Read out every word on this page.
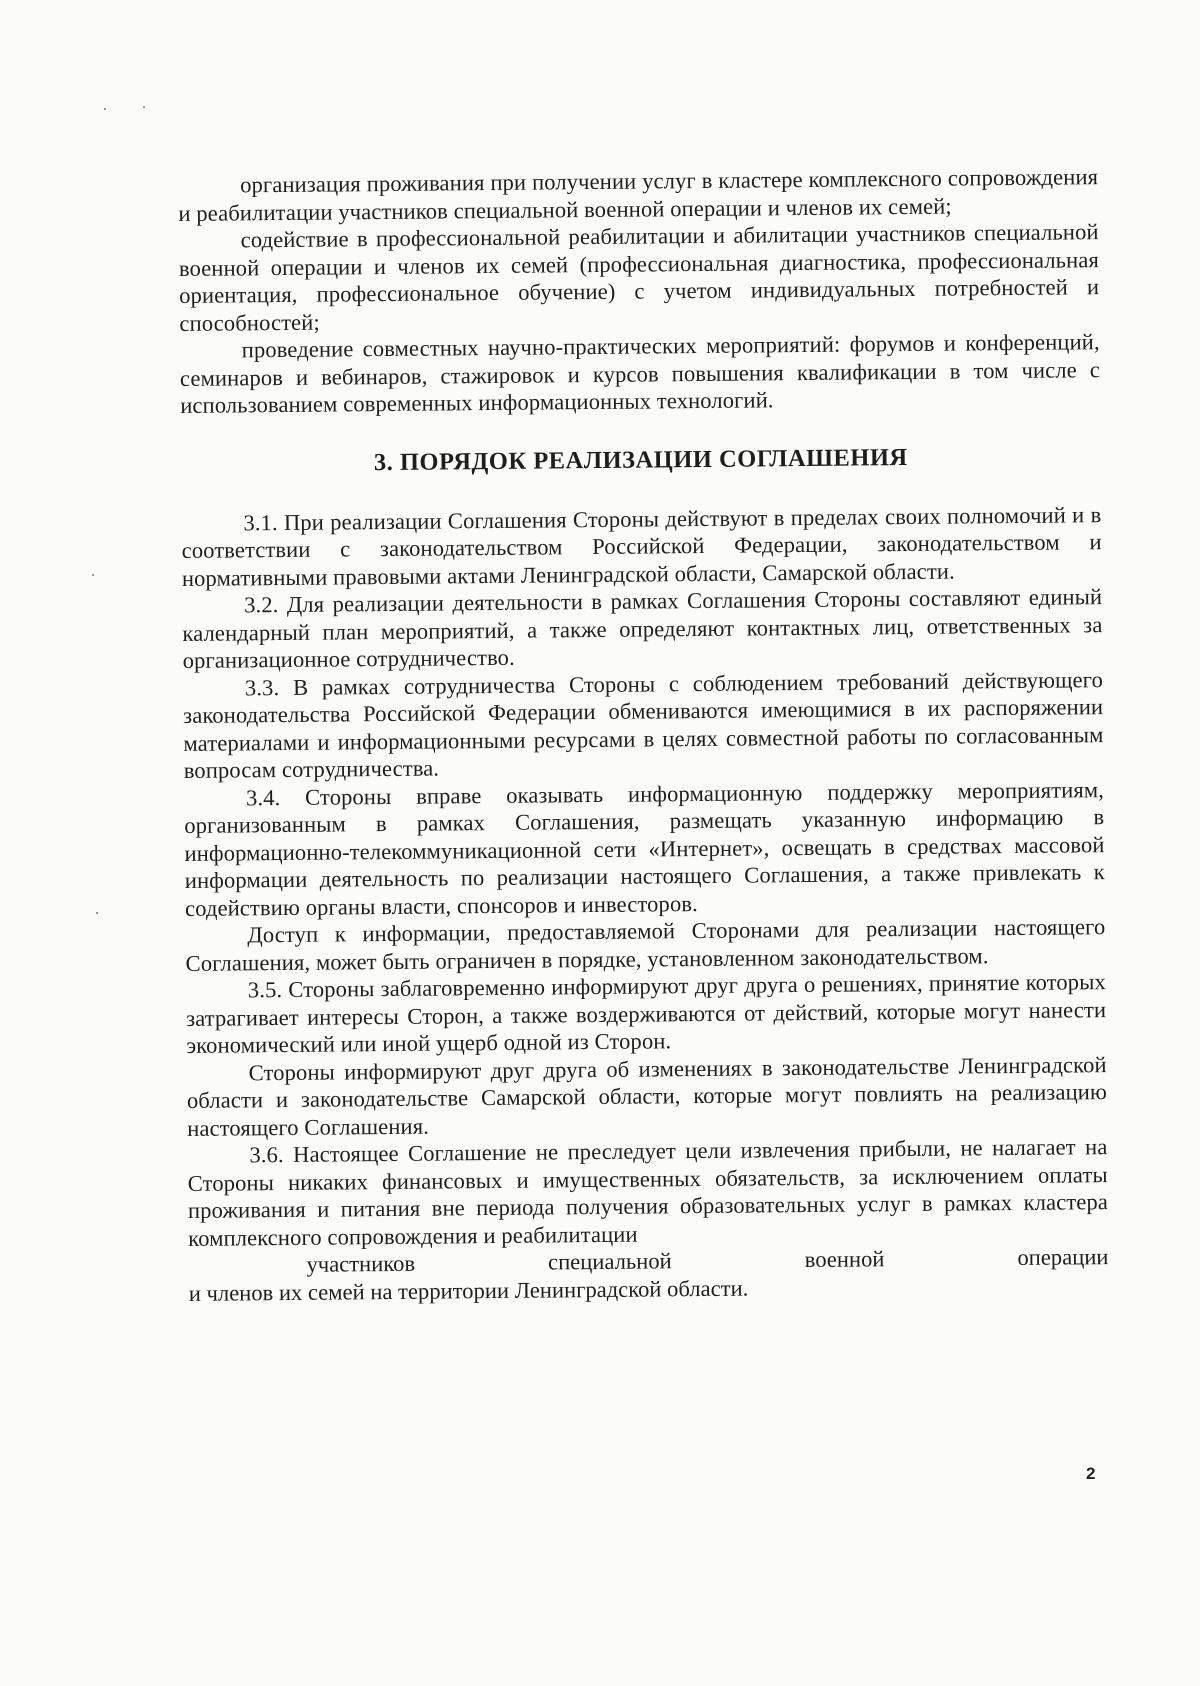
организация проживания при получении услуг в кластере комплексного сопровождения и реабилитации участников специальной военной операции и членов их семей;

содействие в профессиональной реабилитации и абилитации участников специальной военной операции и членов их семей (профессиональная диагностика, профессиональная ориентация, профессиональное обучение) с учетом индивидуальных потребностей и способностей;

проведение совместных научно-практических мероприятий: форумов и конференций, семинаров и вебинаров, стажировок и курсов повышения квалификации в том числе с использованием современных информационных технологий.

3. ПОРЯДОК РЕАЛИЗАЦИИ СОГЛАШЕНИЯ

3.1. При реализации Соглашения Стороны действуют в пределах своих полномочий и в соответствии с законодательством Российской Федерации, законодательством и нормативными правовыми актами Ленинградской области, Самарской области.

3.2. Для реализации деятельности в рамках Соглашения Стороны составляют единый календарный план мероприятий, а также определяют контактных лиц, ответственных за организационное сотрудничество.

3.3. В рамках сотрудничества Стороны с соблюдением требований действующего законодательства Российской Федерации обмениваются имеющимися в их распоряжении материалами и информационными ресурсами в целях совместной работы по согласованным вопросам сотрудничества.

3.4. Стороны вправе оказывать информационную поддержку мероприятиям, организованным в рамках Соглашения, размещать указанную информацию в информационно-телекоммуникационной сети «Интернет», освещать в средствах массовой информации деятельность по реализации настоящего Соглашения, а также привлекать к содействию органы власти, спонсоров и инвесторов.

Доступ к информации, предоставляемой Сторонами для реализации настоящего Соглашения, может быть ограничен в порядке, установленном законодательством.

3.5. Стороны заблаговременно информируют друг друга о решениях, принятие которых затрагивает интересы Сторон, а также воздерживаются от действий, которые могут нанести экономический или иной ущерб одной из Сторон.

Стороны информируют друг друга об изменениях в законодательстве Ленинградской области и законодательстве Самарской области, которые могут повлиять на реализацию настоящего Соглашения.

3.6. Настоящее Соглашение не преследует цели извлечения прибыли, не налагает на Стороны никаких финансовых и имущественных обязательств, за исключением оплаты проживания и питания вне периода получения образовательных услуг в рамках кластера комплексного сопровождения и реабилитации

участников	специальной	военной	операции

и членов их семей на территории Ленинградской области.

2
